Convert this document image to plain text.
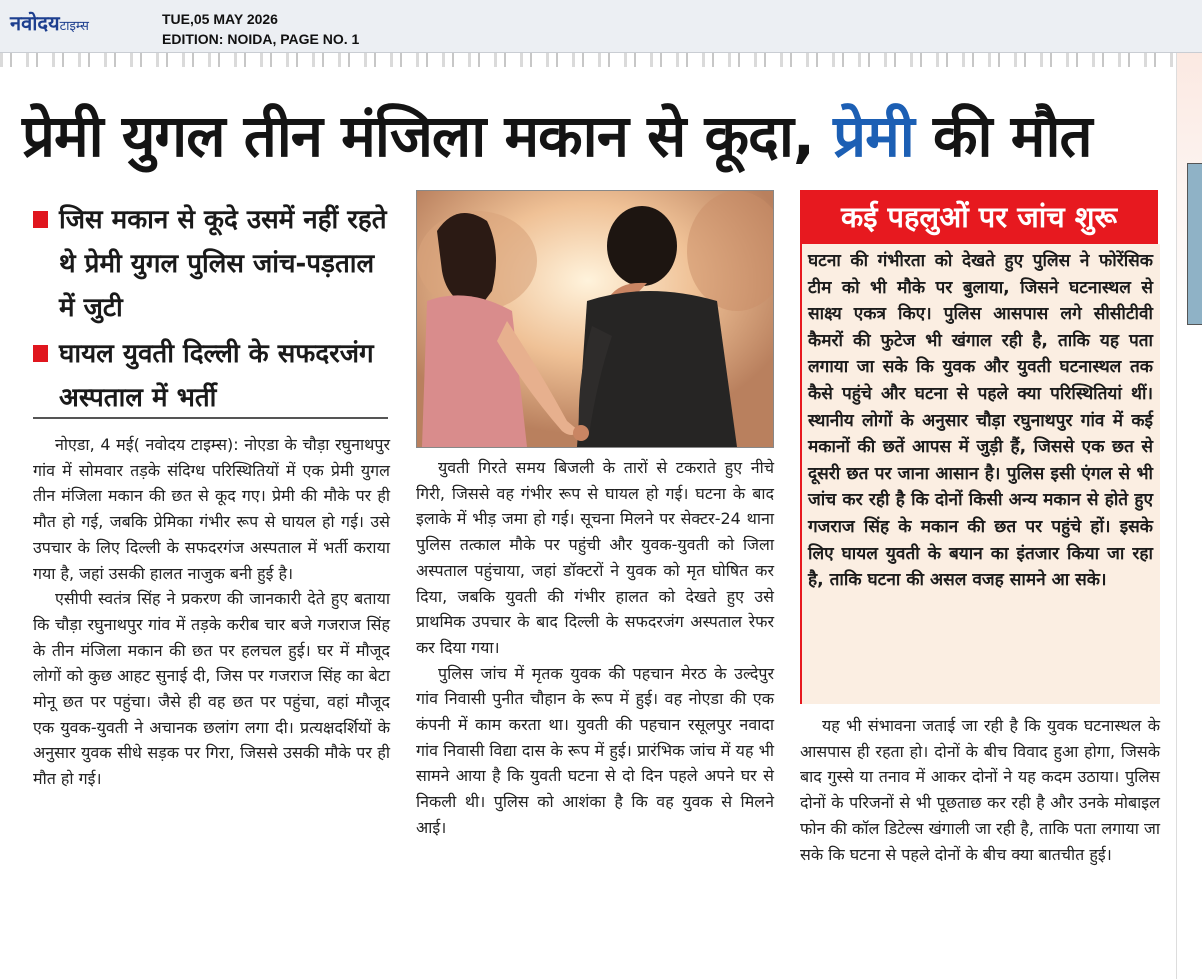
नवोदयटाइम्स	TUE,05 MAY 2026
EDITION: NOIDA, PAGE NO. 1
प्रेमी युगल तीन मंजिला मकान से कूदा, प्रेमी की मौत
जिस मकान से कूदे उसमें नहीं रहते थे प्रेमी युगल पुलिस जांच-पड़ताल में जुटी
घायल युवती दिल्ली के सफदरजंग अस्पताल में भर्ती

नोएडा, 4 मई( नवोदय टाइम्स): नोएडा के चौड़ा रघुनाथपुर गांव में सोमवार तड़के संदिग्ध परिस्थितियों में एक प्रेमी युगल तीन मंजिला मकान की छत से कूद गए। प्रेमी की मौके पर ही मौत हो गई, जबकि प्रेमिका गंभीर रूप से घायल हो गई। उसे उपचार के लिए दिल्ली के सफदरगंज अस्पताल में भर्ती कराया गया है, जहां उसकी हालत नाजुक बनी हुई है।

एसीपी स्वतंत्र सिंह ने प्रकरण की जानकारी देते हुए बताया कि चौड़ा रघुनाथपुर गांव में तड़के करीब चार बजे गजराज सिंह के तीन मंजिला मकान की छत पर हलचल हुई। घर में मौजूद लोगों को कुछ आहट सुनाई दी, जिस पर गजराज सिंह का बेटा मोनू छत पर पहुंचा। जैसे ही वह छत पर पहुंचा, वहां मौजूद एक युवक-युवती ने अचानक छलांग लगा दी। प्रत्यक्षदर्शियों के अनुसार युवक सीधे सड़क पर गिरा, जिससे उसकी मौके पर ही मौत हो गई।

युवती गिरते समय बिजली के तारों से टकराते हुए नीचे गिरी, जिससे वह गंभीर रूप से घायल हो गई। घटना के बाद इलाके में भीड़ जमा हो गई। सूचना मिलने पर सेक्टर-24 थाना पुलिस तत्काल मौके पर पहुंची और युवक-युवती को जिला अस्पताल पहुंचाया, जहां डॉक्टरों ने युवक को मृत घोषित कर दिया, जबकि युवती की गंभीर हालत को देखते हुए उसे प्राथमिक उपचार के बाद दिल्ली के सफदरजंग अस्पताल रेफर कर दिया गया।

पुलिस जांच में मृतक युवक की पहचान मेरठ के उल्देपुर गांव निवासी पुनीत चौहान के रूप में हुई। वह नोएडा की एक कंपनी में काम करता था। युवती की पहचान रसूलपुर नवादा गांव निवासी विद्या दास के रूप में हुई। प्रारंभिक जांच में यह भी सामने आया है कि युवती घटना से दो दिन पहले अपने घर से निकली थी। पुलिस को आशंका है कि वह युवक से मिलने आई।

कई पहलुओं पर जांच शुरू
घटना की गंभीरता को देखते हुए पुलिस ने फोरेंसिक टीम को भी मौके पर बुलाया, जिसने घटनास्थल से साक्ष्य एकत्र किए। पुलिस आसपास लगे सीसीटीवी कैमरों की फुटेज भी खंगाल रही है, ताकि यह पता लगाया जा सके कि युवक और युवती घटनास्थल तक कैसे पहुंचे और घटना से पहले क्या परिस्थितियां थीं। स्थानीय लोगों के अनुसार चौड़ा रघुनाथपुर गांव में कई मकानों की छतें आपस में जुड़ी हैं, जिससे एक छत से दूसरी छत पर जाना आसान है। पुलिस इसी एंगल से भी जांच कर रही है कि दोनों किसी अन्य मकान से होते हुए गजराज सिंह के मकान की छत पर पहुंचे हों। इसके लिए घायल युवती के बयान का इंतजार किया जा रहा है, ताकि घटना की असल वजह सामने आ सके।

यह भी संभावना जताई जा रही है कि युवक घटनास्थल के आसपास ही रहता हो। दोनों के बीच विवाद हुआ होगा, जिसके बाद गुस्से या तनाव में आकर दोनों ने यह कदम उठाया। पुलिस दोनों के परिजनों से भी पूछताछ कर रही है और उनके मोबाइल फोन की कॉल डिटेल्स खंगाली जा रही है, ताकि पता लगाया जा सके कि घटना से पहले दोनों के बीच क्या बातचीत हुई।
